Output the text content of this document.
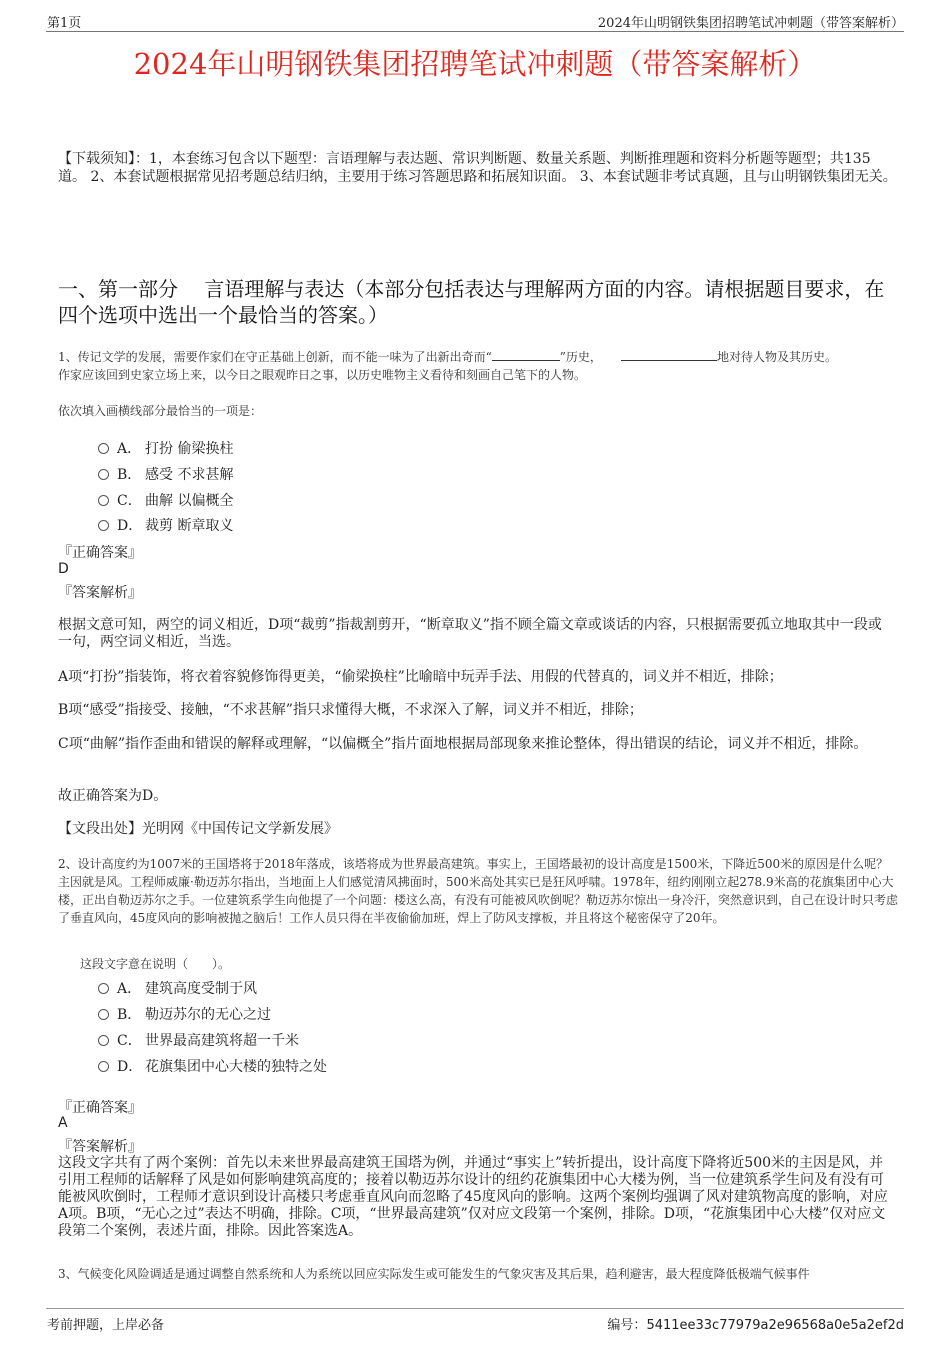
第1页	2024年山明钢铁集团招聘笔试冲刺题（带答案解析）
2024年山明钢铁集团招聘笔试冲刺题（带答案解析）
【下载须知】：1，本套练习包含以下题型：言语理解与表达题、常识判断题、数量关系题、判断推理题和资料分析题等题型；共135道。 2、本套试题根据常见招考题总结归纳，主要用于练习答题思路和拓展知识面。 3、本套试题非考试真题，且与山明钢铁集团无关。
一、第一部分　 言语理解与表达（本部分包括表达与理解两方面的内容。请根据题目要求，在四个选项中选出一个最恰当的答案。）
1、传记文学的发展，需要作家们在守正基础上创新，而不能一味为了出新出奇而“	”历史，	地对待人物及其历史。
作家应该回到史家立场上来，以今日之眼观昨日之事，以历史唯物主义看待和刻画自己笔下的人物。
依次填入画横线部分最恰当的一项是：
A． 打扮 偷梁换柱
B． 感受 不求甚解
C． 曲解 以偏概全
D． 裁剪 断章取义
『正确答案』
D
『答案解析』
根据文意可知，两空的词义相近，D项“裁剪”指裁割剪开，“断章取义”指不顾全篇文章或谈话的内容，只根据需要孤立地取其中一段或一句，两空词义相近，当选。
A项“打扮”指装饰，将衣着容貌修饰得更美，“偷梁换柱”比喻暗中玩弄手法、用假的代替真的，词义并不相近，排除；
B项“感受”指接受、接触，“不求甚解”指只求懂得大概，不求深入了解，词义并不相近，排除；
C项“曲解”指作歪曲和错误的解释或理解，“以偏概全”指片面地根据局部现象来推论整体，得出错误的结论，词义并不相近，排除。
故正确答案为D。
【文段出处】光明网《中国传记文学新发展》
2、设计高度约为1007米的王国塔将于2018年落成，该塔将成为世界最高建筑。事实上，王国塔最初的设计高度是1500米，下降近500米的原因是什么呢？主因就是风。工程师威廉·勒迈苏尔指出，当地面上人们感觉清风拂面时，500米高处其实已是狂风呼啸。1978年，纽约刚刚立起278.9米高的花旗集团中心大楼，正出自勒迈苏尔之手。一位建筑系学生向他提了一个问题：楼这么高，有没有可能被风吹倒呢？勒迈苏尔惊出一身冷汗，突然意识到，自己在设计时只考虑了垂直风向，45度风向的影响被抛之脑后！工作人员只得在半夜偷偷加班，焊上了防风支撑板，并且将这个秘密保守了20年。
这段文字意在说明（　　）。
A． 建筑高度受制于风
B． 勒迈苏尔的无心之过
C． 世界最高建筑将超一千米
D． 花旗集团中心大楼的独特之处
『正确答案』
A
『答案解析』
这段文字共有了两个案例：首先以未来世界最高建筑王国塔为例，并通过“事实上”转折提出，设计高度下降将近500米的主因是风，并引用工程师的话解释了风是如何影响建筑高度的；接着以勒迈苏尔设计的纽约花旗集团中心大楼为例，当一位建筑系学生问及有没有可能被风吹倒时，工程师才意识到设计高楼只考虑垂直风向而忽略了45度风向的影响。这两个案例均强调了风对建筑物高度的影响，对应A项。B项，“无心之过”表达不明确，排除。C项，“世界最高建筑”仅对应文段第一个案例，排除。D项，“花旗集团中心大楼”仅对应文段第二个案例，表述片面，排除。因此答案选A。
3、气候变化风险调适是通过调整自然系统和人为系统以回应实际发生或可能发生的气象灾害及其后果，趋利避害，最大程度降低极端气候事件
考前押题，上岸必备	编号：5411ee33c77979a2e96568a0e5a2ef2d
